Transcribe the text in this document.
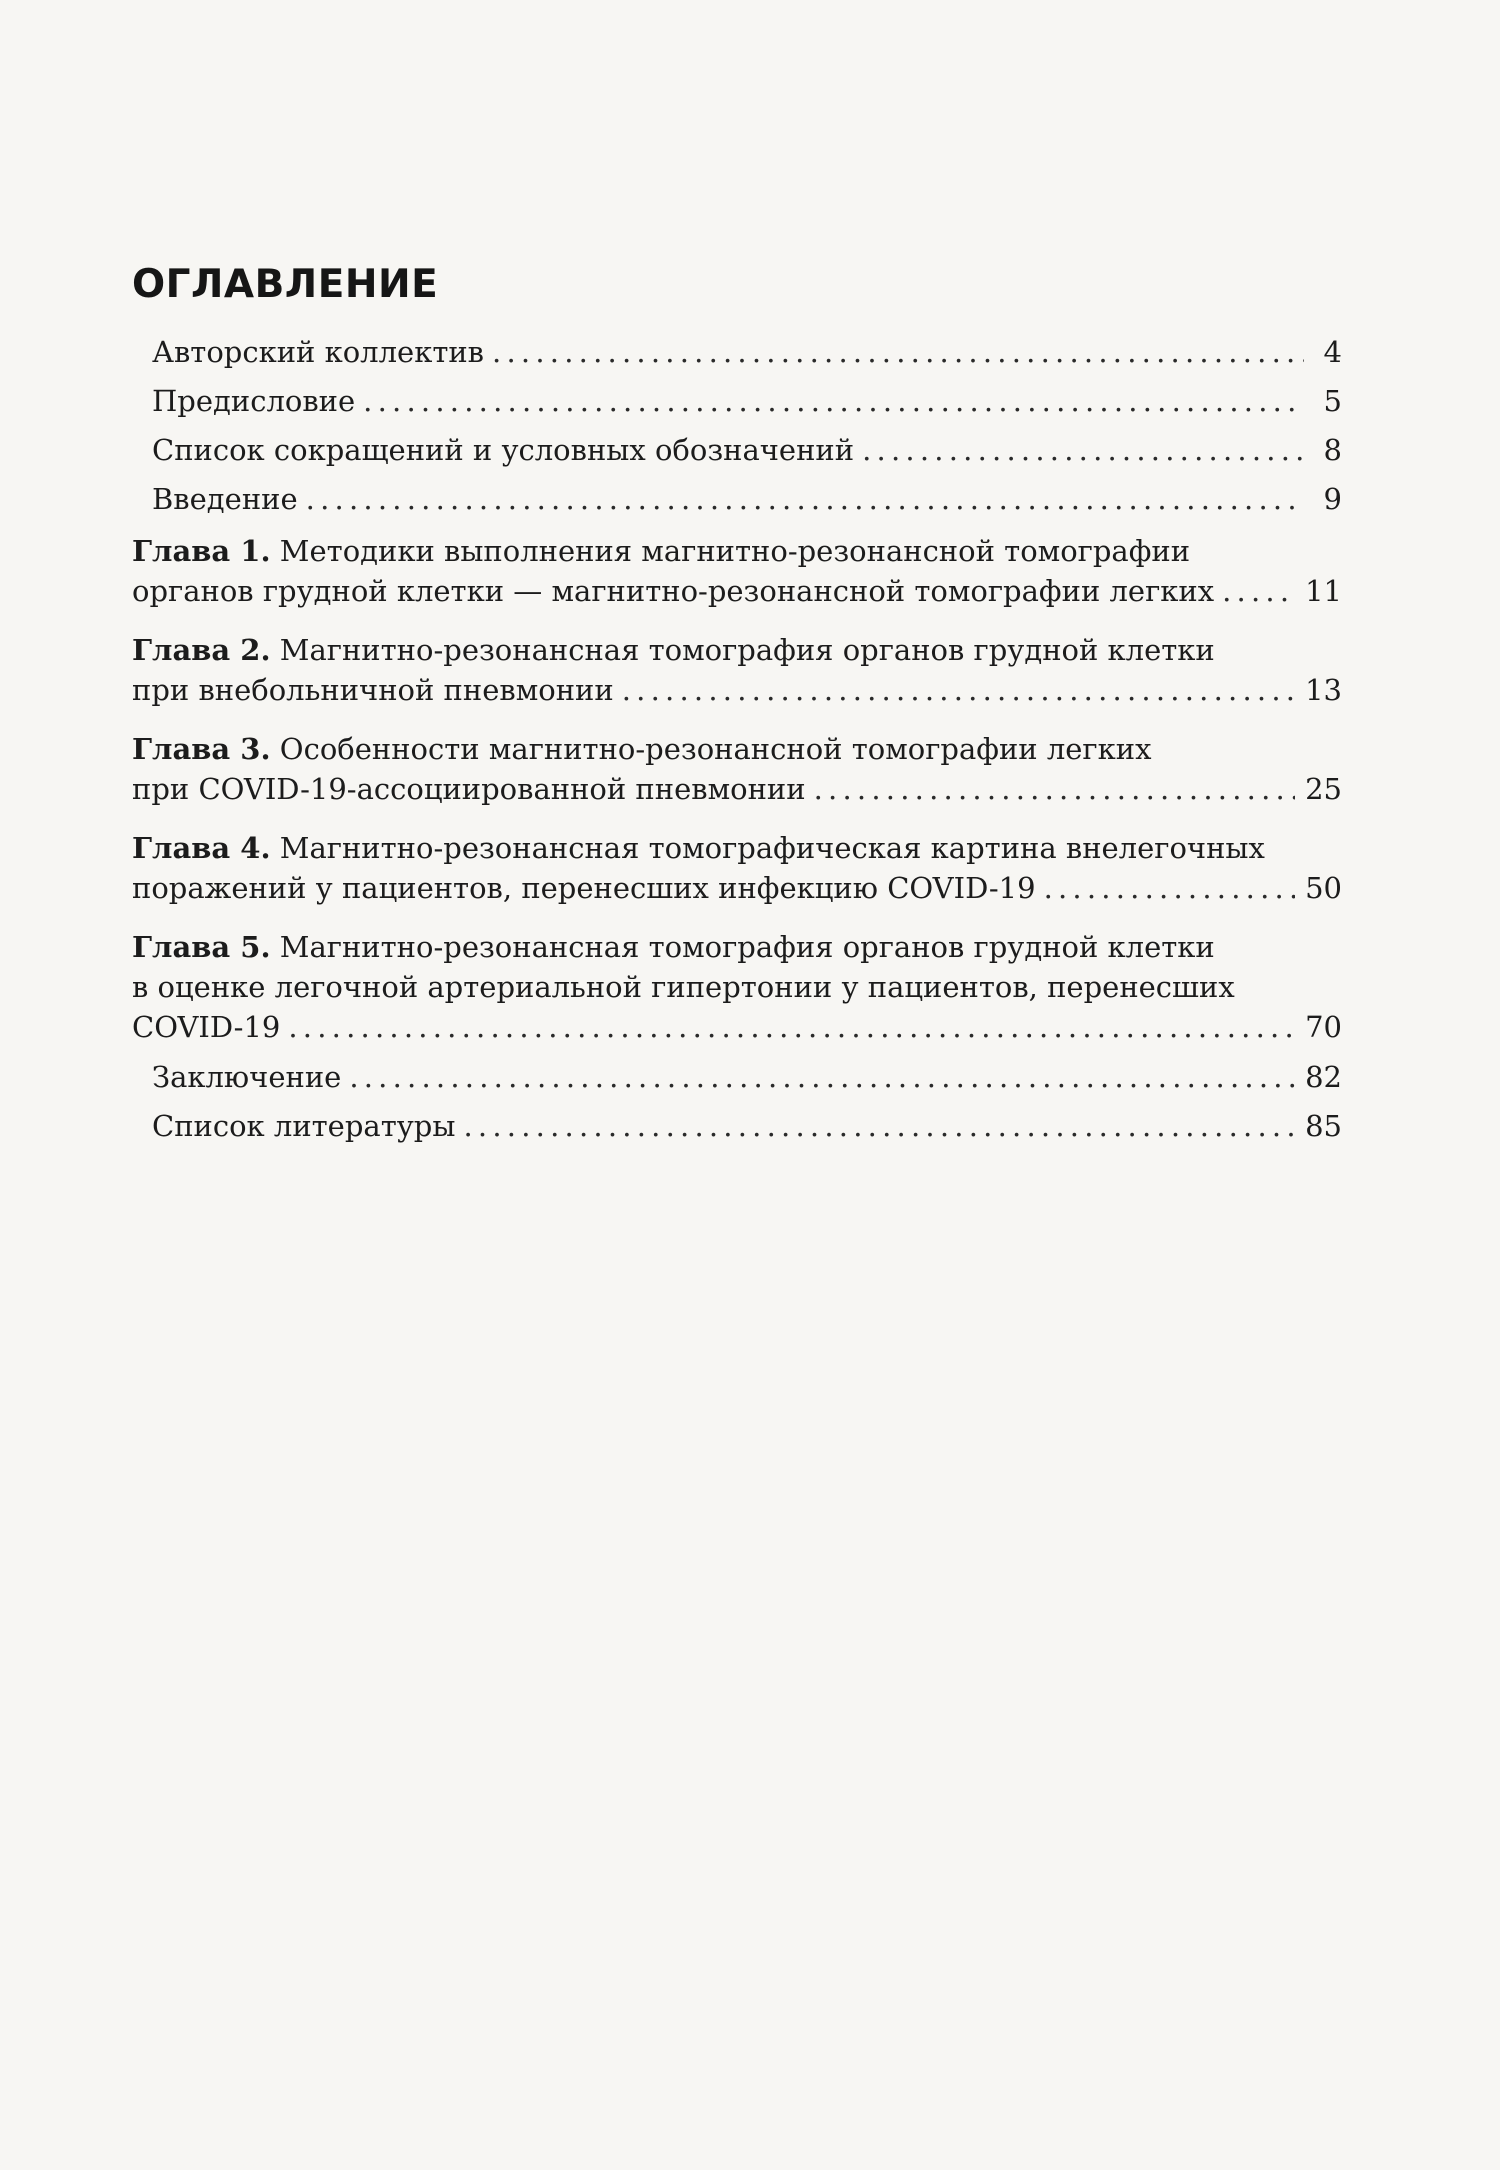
ОГЛАВЛЕНИЕ
Авторский коллектив . . .	4
Предисловие . . .	5
Список сокращений и условных обозначений . . .	8
Введение . . .	9
Глава 1. Методики выполнения магнитно-резонансной томографии
органов грудной клетки — магнитно-резонансной томографии легких . . .	11
Глава 2. Магнитно-резонансная томография органов грудной клетки
при внебольничной пневмонии . . .	13
Глава 3. Особенности магнитно-резонансной томографии легких
при COVID-19-ассоциированной пневмонии . . .	25
Глава 4. Магнитно-резонансная томографическая картина внелегочных
поражений у пациентов, перенесших инфекцию COVID-19 . . .	50
Глава 5. Магнитно-резонансная томография органов грудной клетки
в оценке легочной артериальной гипертонии у пациентов, перенесших
COVID-19 . . .	70
Заключение . . .	82
Список литературы . . .	85
